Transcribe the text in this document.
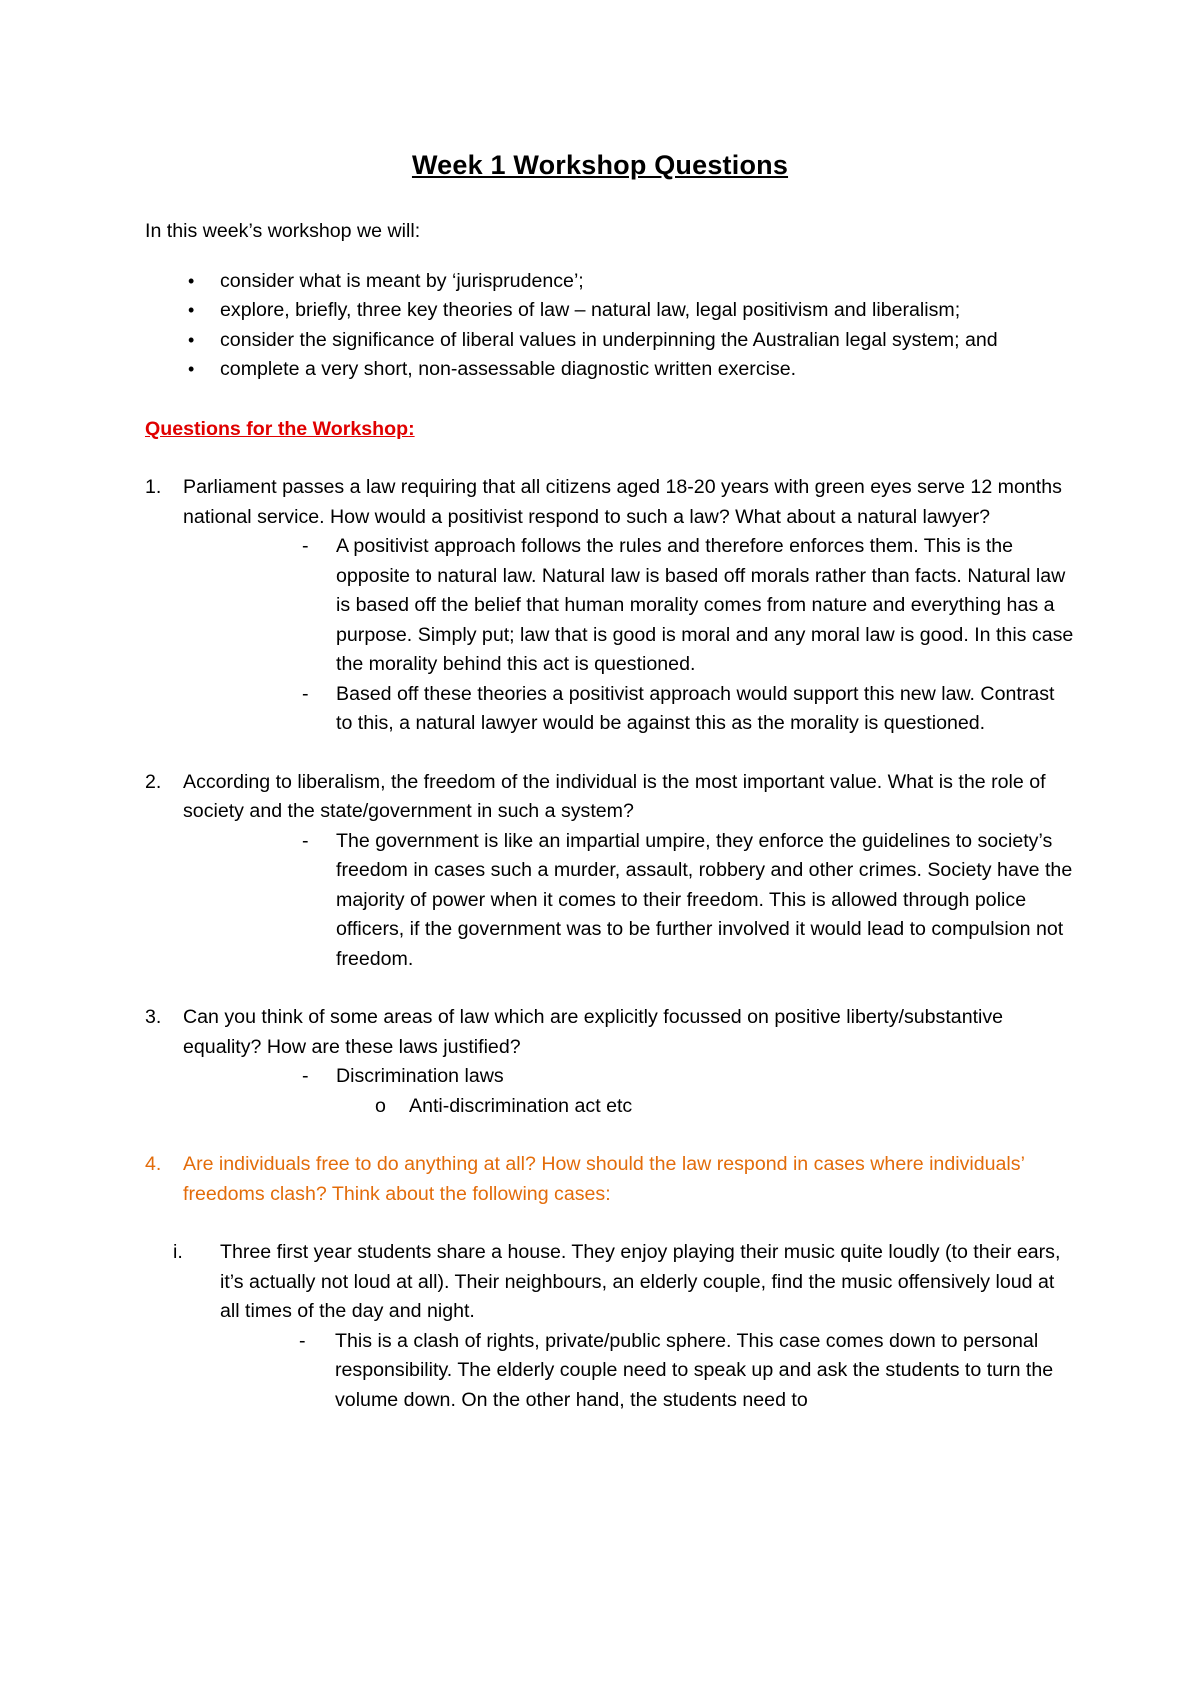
Week 1 Workshop Questions

In this week’s workshop we will:

• consider what is meant by ‘jurisprudence’;
• explore, briefly, three key theories of law – natural law, legal positivism and liberalism;
• consider the significance of liberal values in underpinning the Australian legal system; and
• complete a very short, non-assessable diagnostic written exercise.

Questions for the Workshop:

1. Parliament passes a law requiring that all citizens aged 18-20 years with green eyes serve 12 months national service. How would a positivist respond to such a law? What about a natural lawyer?

- A positivist approach follows the rules and therefore enforces them. This is the opposite to natural law. Natural law is based off morals rather than facts. Natural law is based off the belief that human morality comes from nature and everything has a purpose. Simply put; law that is good is moral and any moral law is good. In this case the morality behind this act is questioned.
- Based off these theories a positivist approach would support this new law. Contrast to this, a natural lawyer would be against this as the morality is questioned.
2. According to liberalism, the freedom of the individual is the most important value. What is the role of society and the state/government in such a system?

- The government is like an impartial umpire, they enforce the guidelines to society’s freedom in cases such a murder, assault, robbery and other crimes. Society have the majority of power when it comes to their freedom. This is allowed through police officers, if the government was to be further involved it would lead to compulsion not freedom.
3. Can you think of some areas of law which are explicitly focussed on positive liberty/substantive equality? How are these laws justified?

- Discrimination laws
o Anti-discrimination act etc
4. Are individuals free to do anything at all? How should the law respond in cases where individuals’ freedoms clash? Think about the following cases:

i. Three first year students share a house. They enjoy playing their music quite loudly (to their ears, it’s actually not loud at all). Their neighbours, an elderly couple, find the music offensively loud at all times of the day and night.

- This is a clash of rights, private/public sphere. This case comes down to personal responsibility. The elderly couple need to speak up and ask the students to turn the volume down. On the other hand, the students need to
